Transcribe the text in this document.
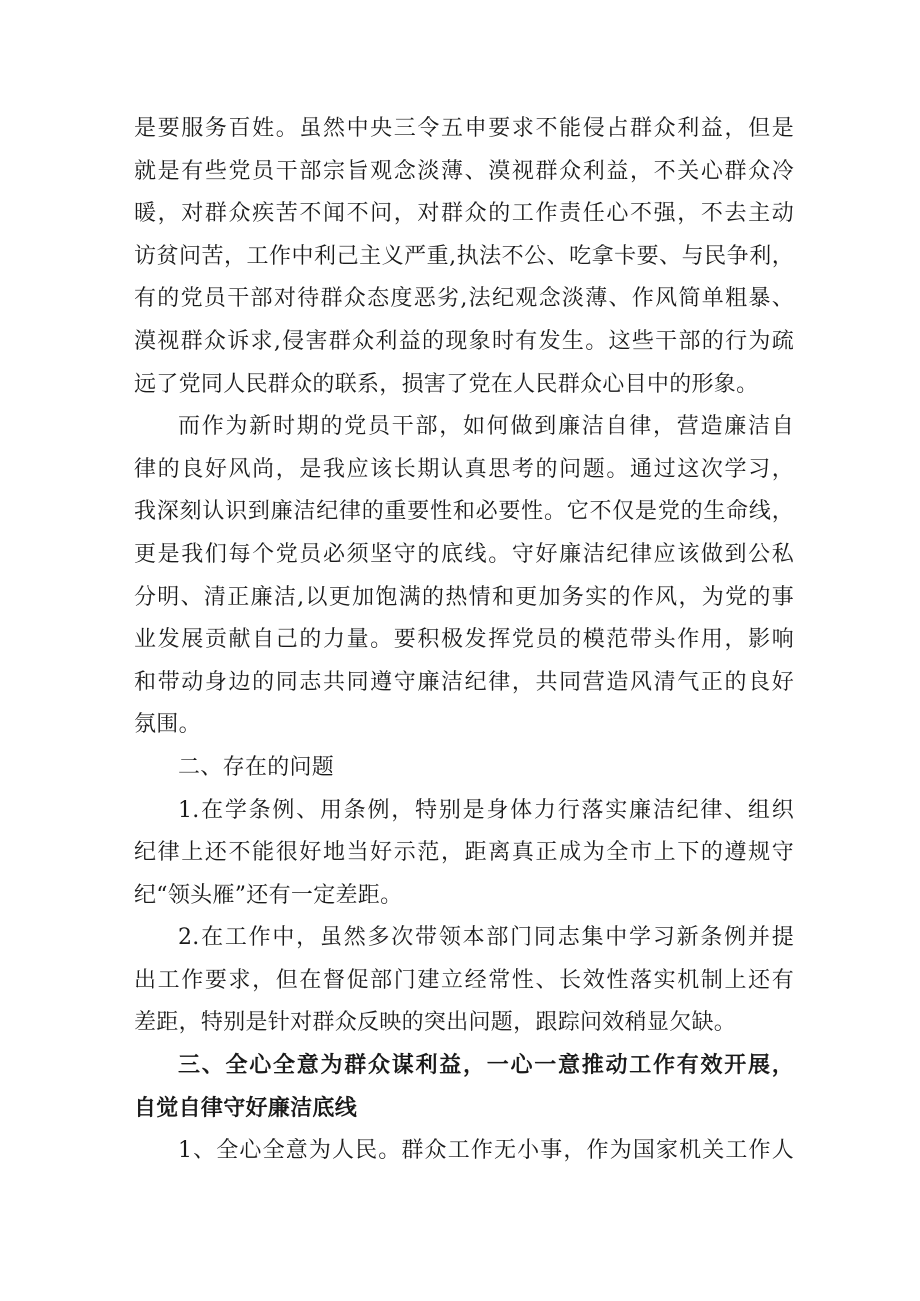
是要服务百姓。虽然中央三令五申要求不能侵占群众利益，但是
就是有些党员干部宗旨观念淡薄、漠视群众利益，不关心群众冷
暖，对群众疾苦不闻不问，对群众的工作责任心不强，不去主动
访贫问苦，工作中利己主义严重,执法不公、吃拿卡要、与民争利，
有的党员干部对待群众态度恶劣,法纪观念淡薄、作风简单粗暴、
漠视群众诉求,侵害群众利益的现象时有发生。这些干部的行为疏
远了党同人民群众的联系，损害了党在人民群众心目中的形象。
而作为新时期的党员干部，如何做到廉洁自律，营造廉洁自
律的良好风尚，是我应该长期认真思考的问题。通过这次学习，
我深刻认识到廉洁纪律的重要性和必要性。它不仅是党的生命线，
更是我们每个党员必须坚守的底线。守好廉洁纪律应该做到公私
分明、清正廉洁,以更加饱满的热情和更加务实的作风，为党的事
业发展贡献自己的力量。要积极发挥党员的模范带头作用，影响
和带动身边的同志共同遵守廉洁纪律，共同营造风清气正的良好
氛围。
二、存在的问题
1.在学条例、用条例，特别是身体力行落实廉洁纪律、组织
纪律上还不能很好地当好示范，距离真正成为全市上下的遵规守
纪“领头雁”还有一定差距。
2.在工作中，虽然多次带领本部门同志集中学习新条例并提
出工作要求，但在督促部门建立经常性、长效性落实机制上还有
差距，特别是针对群众反映的突出问题，跟踪问效稍显欠缺。
三、全心全意为群众谋利益，一心一意推动工作有效开展，
自觉自律守好廉洁底线
1、全心全意为人民。群众工作无小事，作为国家机关工作人
